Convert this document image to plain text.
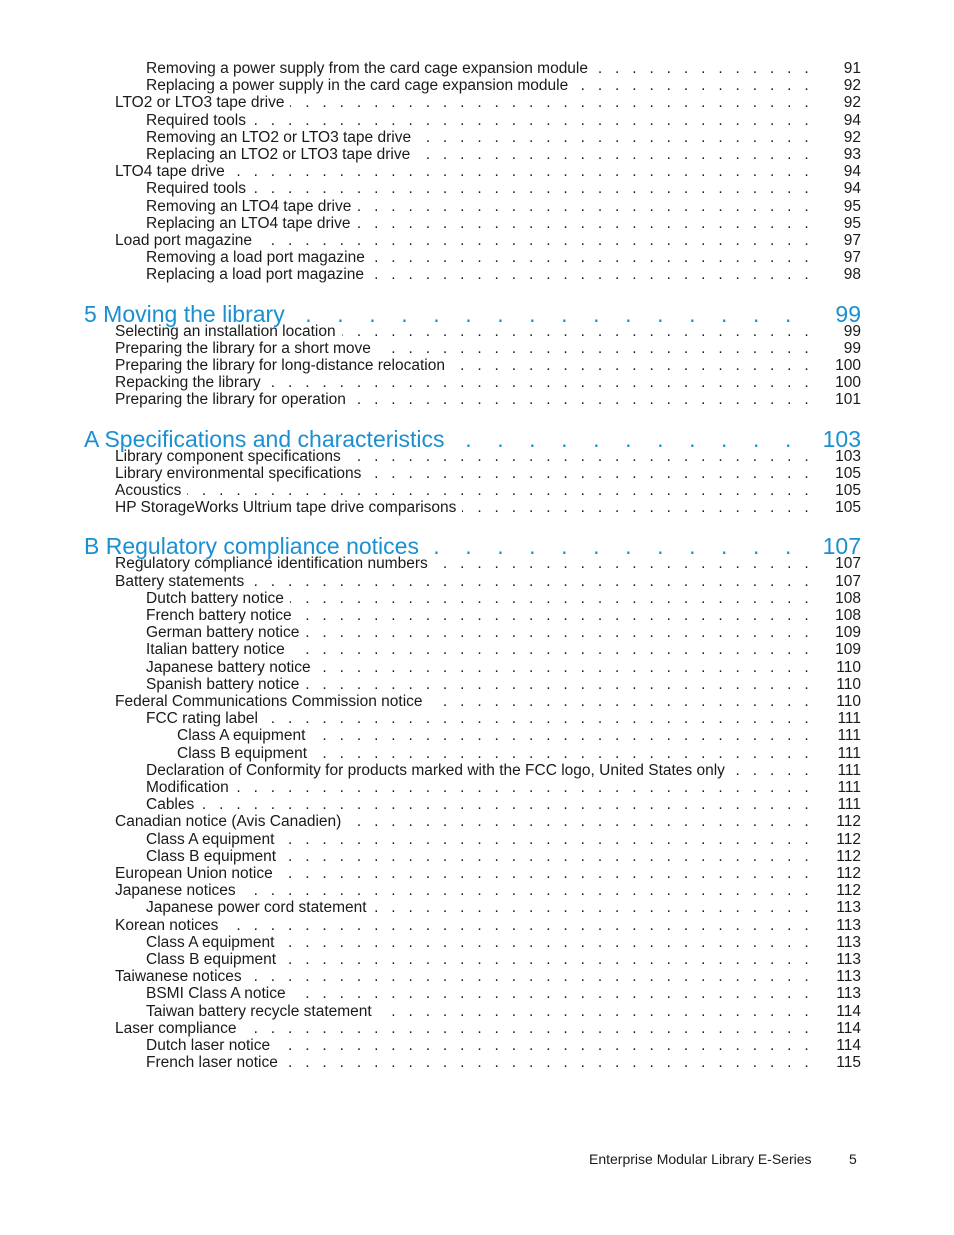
Removing a power supply from the card cage expansion module . . .	91
Replacing a power supply in the card cage expansion module . . .	92
LTO2 or LTO3 tape drive . . .	92
Required tools . . .	94
Removing an LTO2 or LTO3 tape drive . . .	92
Replacing an LTO2 or LTO3 tape drive . . .	93
LTO4 tape drive . . .	94
Required tools . . .	94
Removing an LTO4 tape drive . . .	95
Replacing an LTO4 tape drive . . .	95
Load port magazine . . .	97
Removing a load port magazine . . .	97
Replacing a load port magazine . . .	98
5 Moving the library . . .	99
Selecting an installation location . . .	99
Preparing the library for a short move . . .	99
Preparing the library for long-distance relocation . . .	100
Repacking the library . . .	100
Preparing the library for operation . . .	101
A Specifications and characteristics . . .	103
Library component specifications . . .	103
Library environmental specifications . . .	105
Acoustics . . .	105
HP StorageWorks Ultrium tape drive comparisons . . .	105
B Regulatory compliance notices . . .	107
Regulatory compliance identification numbers . . .	107
Battery statements . . .	107
Dutch battery notice . . .	108
French battery notice . . .	108
German battery notice . . .	109
Italian battery notice . . .	109
Japanese battery notice . . .	110
Spanish battery notice . . .	110
Federal Communications Commission notice . . .	110
FCC rating label . . .	111
Class A equipment . . .	111
Class B equipment . . .	111
Declaration of Conformity for products marked with the FCC logo, United States only . . .	111
Modification . . .	111
Cables . . .	111
Canadian notice (Avis Canadien) . . .	112
Class A equipment . . .	112
Class B equipment . . .	112
European Union notice . . .	112
Japanese notices . . .	112
Japanese power cord statement . . .	113
Korean notices . . .	113
Class A equipment . . .	113
Class B equipment . . .	113
Taiwanese notices . . .	113
BSMI Class A notice . . .	113
Taiwan battery recycle statement . . .	114
Laser compliance . . .	114
Dutch laser notice . . .	114
French laser notice . . .	115
Enterprise Modular Library E-Series	5
